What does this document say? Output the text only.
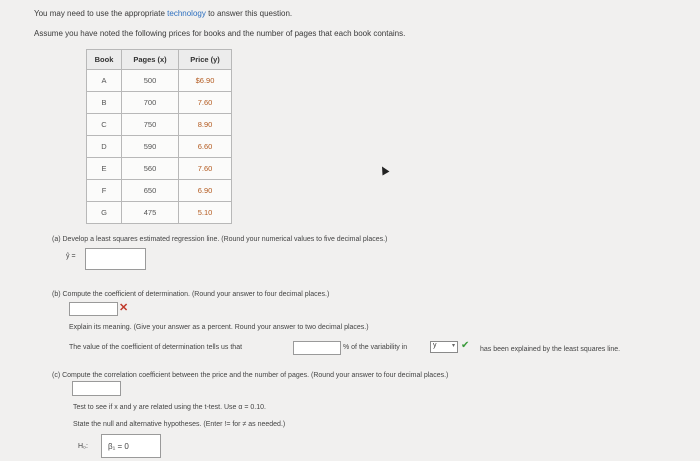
You may need to use the appropriate technology to answer this question.
Assume you have noted the following prices for books and the number of pages that each book contains.
Book	Pages (x)	Price (y)
A	500	$6.90
B	700	7.60
C	750	8.90
D	590	6.60
E	560	7.60
F	650	6.90
G	475	5.10
(a) Develop a least squares estimated regression line. (Round your numerical values to five decimal places.)
ŷ =
(b) Compute the coefficient of determination. (Round your answer to four decimal places.)
✕
Explain its meaning. (Give your answer as a percent. Round your answer to two decimal places.)
The value of the coefficient of determination tells us that	% of the variability in	y	▾ ✔ has been explained by the least squares line.
(c) Compute the correlation coefficient between the price and the number of pages. (Round your answer to four decimal places.)
Test to see if x and y are related using the t-test. Use α = 0.10.
State the null and alternative hypotheses. (Enter != for ≠ as needed.)
H₀:	β₁ = 0
